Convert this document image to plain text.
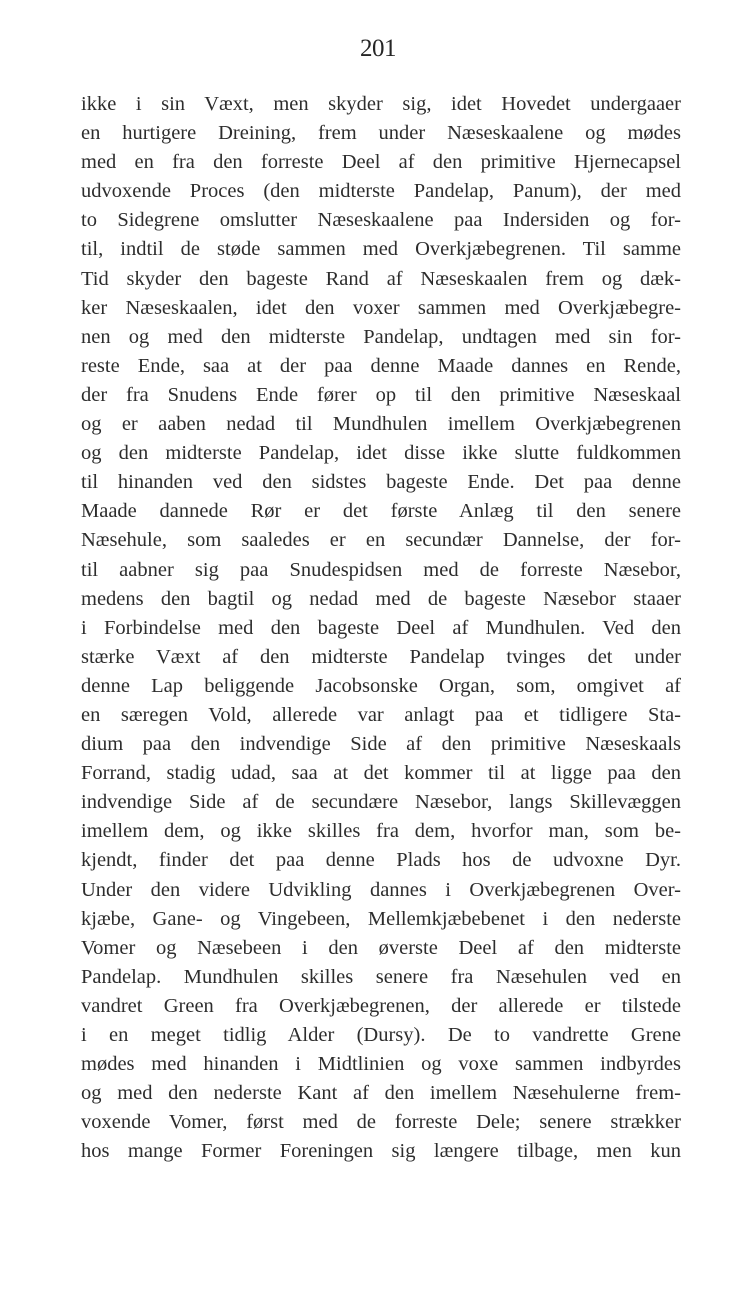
201
ikke i sin Væxt, men skyder sig, idet Hovedet undergaaer
en hurtigere Dreining, frem under Næseskaalene og mødes
med en fra den forreste Deel af den primitive Hjernecapsel
udvoxende Proces (den midterste Pandelap, Panum), der med
to Sidegrene omslutter Næseskaalene paa Indersiden og for-
til, indtil de støde sammen med Overkjæbegrenen. Til samme
Tid skyder den bageste Rand af Næseskaalen frem og dæk-
ker Næseskaalen, idet den voxer sammen med Overkjæbegre-
nen og med den midterste Pandelap, undtagen med sin for-
reste Ende, saa at der paa denne Maade dannes en Rende,
der fra Snudens Ende fører op til den primitive Næseskaal
og er aaben nedad til Mundhulen imellem Overkjæbegrenen
og den midterste Pandelap, idet disse ikke slutte fuldkommen
til hinanden ved den sidstes bageste Ende. Det paa denne
Maade dannede Rør er det første Anlæg til den senere
Næsehule, som saaledes er en secundær Dannelse, der for-
til aabner sig paa Snudespidsen med de forreste Næsebor,
medens den bagtil og nedad med de bageste Næsebor staaer
i Forbindelse med den bageste Deel af Mundhulen. Ved den
stærke Væxt af den midterste Pandelap tvinges det under
denne Lap beliggende Jacobsonske Organ, som, omgivet af
en særegen Vold, allerede var anlagt paa et tidligere Sta-
dium paa den indvendige Side af den primitive Næseskaals
Forrand, stadig udad, saa at det kommer til at ligge paa den
indvendige Side af de secundære Næsebor, langs Skillevæggen
imellem dem, og ikke skilles fra dem, hvorfor man, som be-
kjendt, finder det paa denne Plads hos de udvoxne Dyr.
Under den videre Udvikling dannes i Overkjæbegrenen Over-
kjæbe, Gane- og Vingebeen, Mellemkjæbebenet i den nederste
Vomer og Næsebeen i den øverste Deel af den midterste
Pandelap. Mundhulen skilles senere fra Næsehulen ved en
vandret Green fra Overkjæbegrenen, der allerede er tilstede
i en meget tidlig Alder (Dursy). De to vandrette Grene
mødes med hinanden i Midtlinien og voxe sammen indbyrdes
og med den nederste Kant af den imellem Næsehulerne frem-
voxende Vomer, først med de forreste Dele; senere strækker
hos mange Former Foreningen sig længere tilbage, men kun
